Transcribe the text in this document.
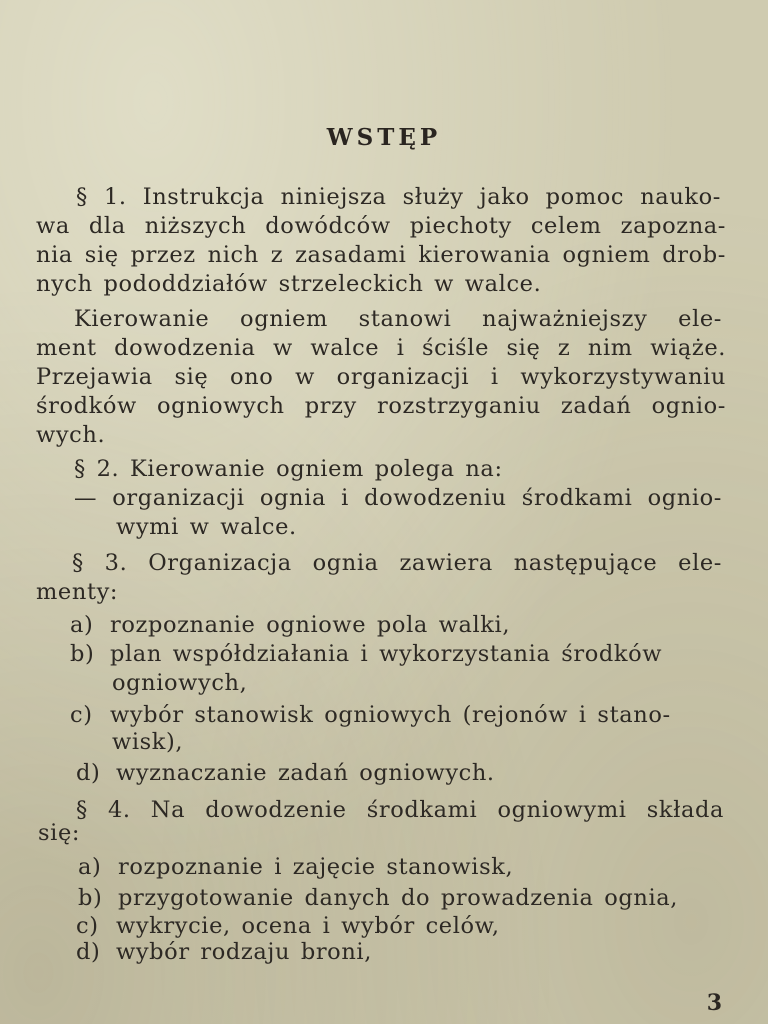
WSTĘP
§ 1. Instrukcja niniejsza służy jako pomoc nauko-
wa dla niższych dowódców piechoty celem zapozna-
nia się przez nich z zasadami kierowania ogniem drob-
nych pododdziałów strzeleckich w walce.
Kierowanie ogniem stanowi najważniejszy ele-
ment dowodzenia w walce i ściśle się z nim wiąże.
Przejawia się ono w organizacji i wykorzystywaniu
środków ogniowych przy rozstrzyganiu zadań ognio-
wych.
§ 2. Kierowanie ogniem polega na:
— organizacji ognia i dowodzeniu środkami ognio-
wymi w walce.
§ 3. Organizacja ognia zawiera następujące ele-
menty:
a) rozpoznanie ogniowe pola walki,
b) plan współdziałania i wykorzystania środków
ogniowych,
c) wybór stanowisk ogniowych (rejonów i stano-
wisk),
d) wyznaczanie zadań ogniowych.
§ 4. Na dowodzenie środkami ogniowymi składa
się:
a) rozpoznanie i zajęcie stanowisk,
b) przygotowanie danych do prowadzenia ognia,
c) wykrycie, ocena i wybór celów,
d) wybór rodzaju broni,
3
